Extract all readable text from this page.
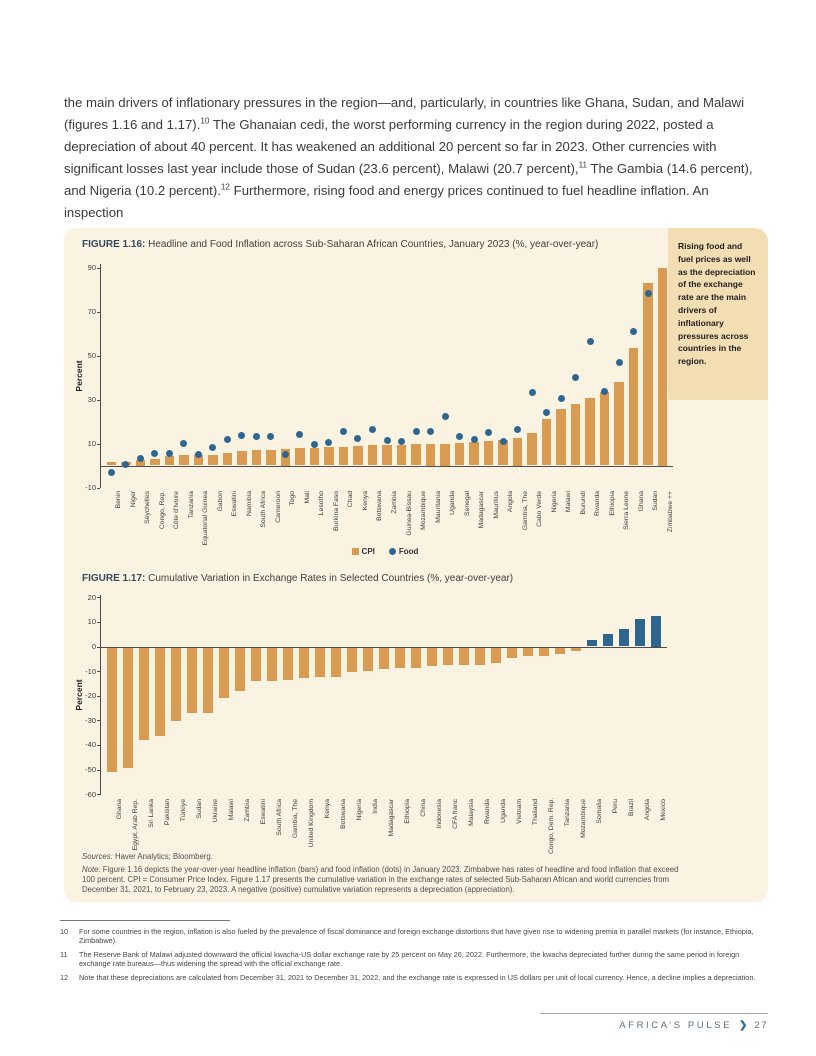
the main drivers of inflationary pressures in the region—and, particularly, in countries like Ghana, Sudan, and Malawi (figures 1.16 and 1.17).$^{10}$ The Ghanaian cedi, the worst performing currency in the region during 2022, posted a depreciation of about 40 percent. It has weakened an additional 20 percent so far in 2023. Other currencies with significant losses last year include those of Sudan (23.6 percent), Malawi (20.7 percent),$^{11}$ The Gambia (14.6 percent), and Nigeria (10.2 percent).$^{12}$ Furthermore, rising food and energy prices continued to fuel headline inflation. An inspection

FIGURE 1.16: Headline and Food Inflation across Sub-Saharan African Countries, January 2023 (%, year-over-year)
90
70
50
30
10
-10
Benin Niger Seychelles Congo, Rep. Côte d’Ivoire Tanzania Equatorial Guinea Gabon Eswatini Namibia South Africa Cameroon Togo Mali Lesotho Burkina Faso Chad Kenya Botswana Zambia Guinea-Bissau Mozambique Mauritania Uganda Senegal Madagascar Mauritius Angola Gambia, The Cabo Verde Nigeria Malawi Burundi Rwanda Ethiopia Sierra Leone Ghana Sudan Zimbabwe ++
Percent
CPI	Food
FIGURE 1.17: Cumulative Variation in Exchange Rates in Selected Countries (%, year-over-year)
20
10
0
-10
-20
-30
-40
-50
-60
Ghana Egypt, Arab Rep. Sri Lanka Pakistan Türkiye Sudan Ukraine Malawi Zambia Eswatini South Africa Gambia, The United Kingdom Kenya Botswana Nigeria India Madagascar Ethiopia China Indonesia CFA franc Malaysia Rwanda Uganda Vietnam Thailand Congo, Dem. Rep. Tanzania Mozambique Somalia Peru Brazil Angola Mexico
Percent
Sources: Haver Analytics; Bloomberg.
Note: Figure 1.16 depicts the year-over-year headline inflation (bars) and food inflation (dots) in January 2023. Zimbabwe has rates of headline and food inflation that exceed 100 percent. CPI = Consumer Price Index. Figure 1.17 presents the cumulative variation in the exchange rates of selected Sub-Saharan African and world currencies from December 31, 2021, to February 23, 2023. A negative (positive) cumulative variation represents a depreciation (appreciation).
Rising food and fuel prices as well as the depreciation of the exchange rate are the main drivers of inflationary pressures across countries in the region.
10	For some countries in the region, inflation is also fueled by the prevalence of fiscal dominance and foreign exchange distortions that have given rise to widening premia in parallel markets (for instance, Ethiopia, Zimbabwe).
11	The Reserve Bank of Malawi adjusted downward the official kwacha-US dollar exchange rate by 25 percent on May 26, 2022. Furthermore, the kwacha depreciated further during the same period in foreign exchange rate bureaus—thus widening the spread with the official exchange rate.
12	Note that these depreciations are calculated from December 31, 2021 to December 31, 2022, and the exchange rate is expressed in US dollars per unit of local currency. Hence, a decline implies a depreciation.
AFRICA’S PULSE ❯ 27
